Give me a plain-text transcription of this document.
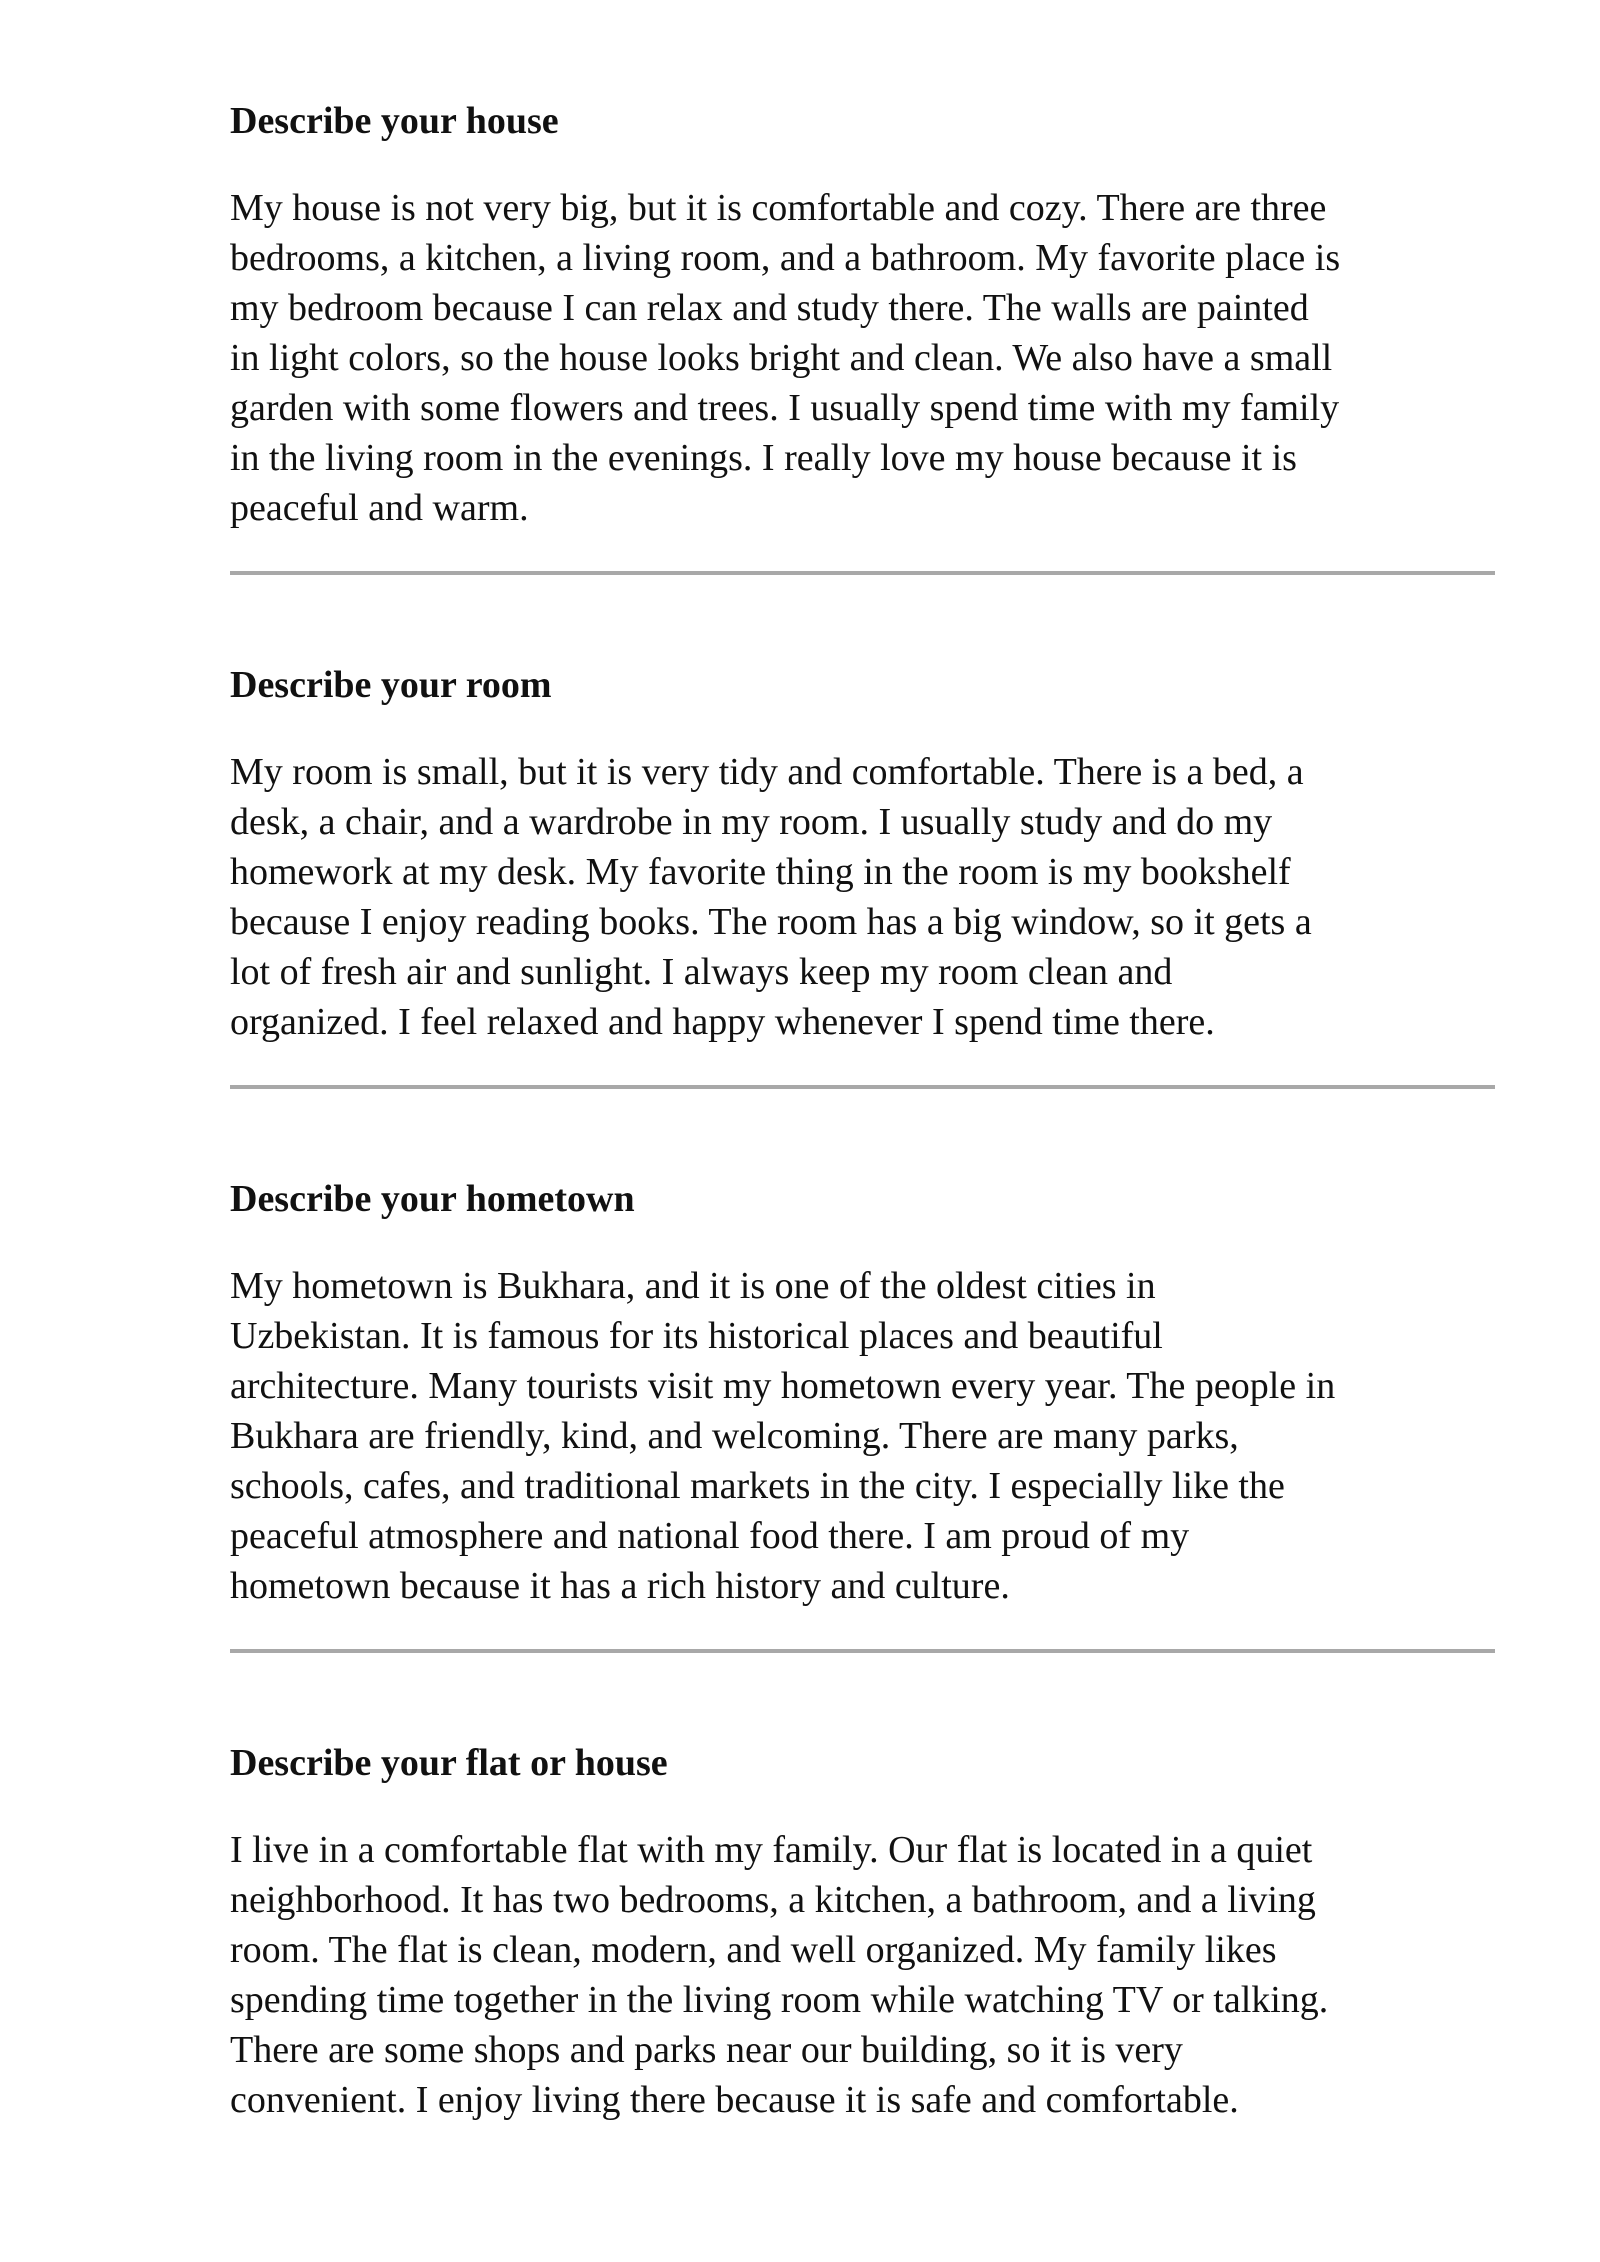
Describe your house

My house is not very big, but it is comfortable and cozy. There are three
bedrooms, a kitchen, a living room, and a bathroom. My favorite place is
my bedroom because I can relax and study there. The walls are painted
in light colors, so the house looks bright and clean. We also have a small
garden with some flowers and trees. I usually spend time with my family
in the living room in the evenings. I really love my house because it is
peaceful and warm.

Describe your room

My room is small, but it is very tidy and comfortable. There is a bed, a
desk, a chair, and a wardrobe in my room. I usually study and do my
homework at my desk. My favorite thing in the room is my bookshelf
because I enjoy reading books. The room has a big window, so it gets a
lot of fresh air and sunlight. I always keep my room clean and
organized. I feel relaxed and happy whenever I spend time there.

Describe your hometown

My hometown is Bukhara, and it is one of the oldest cities in
Uzbekistan. It is famous for its historical places and beautiful
architecture. Many tourists visit my hometown every year. The people in
Bukhara are friendly, kind, and welcoming. There are many parks,
schools, cafes, and traditional markets in the city. I especially like the
peaceful atmosphere and national food there. I am proud of my
hometown because it has a rich history and culture.

Describe your flat or house

I live in a comfortable flat with my family. Our flat is located in a quiet
neighborhood. It has two bedrooms, a kitchen, a bathroom, and a living
room. The flat is clean, modern, and well organized. My family likes
spending time together in the living room while watching TV or talking.
There are some shops and parks near our building, so it is very
convenient. I enjoy living there because it is safe and comfortable.
